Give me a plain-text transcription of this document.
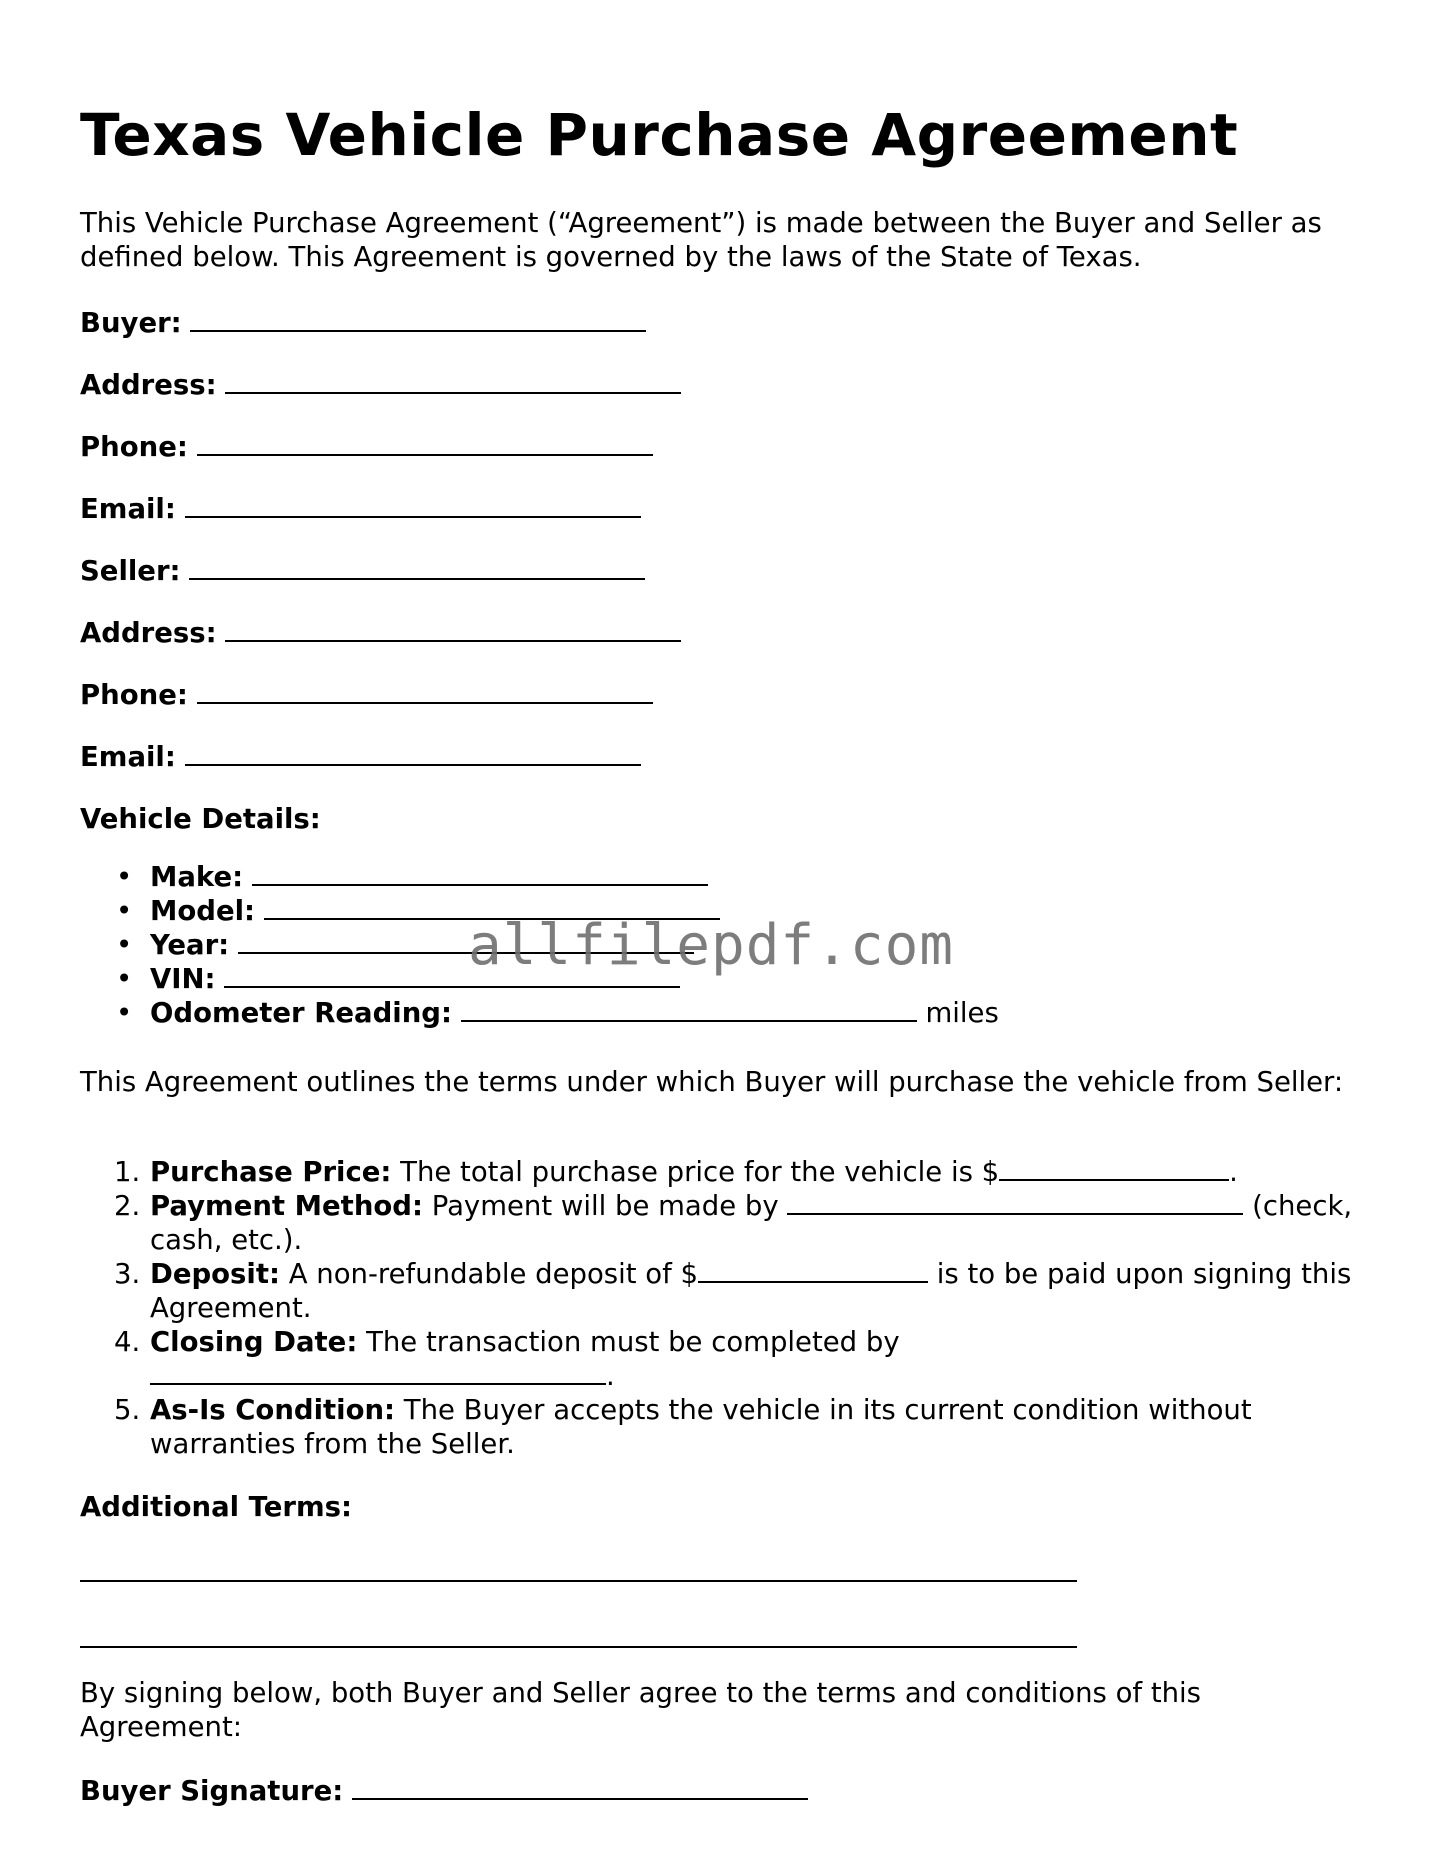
Texas Vehicle Purchase Agreement

This Vehicle Purchase Agreement (“Agreement”) is made between the Buyer and Seller as defined below. This Agreement is governed by the laws of the State of Texas.

Buyer:

Address:

Phone:

Email:

Seller:

Address:

Phone:

Email:

Vehicle Details:

• Make:
• Model:
• Year:
• VIN:
• Odometer Reading:	miles

This Agreement outlines the terms under which Buyer will purchase the vehicle from Seller:

1. Purchase Price: The total purchase price for the vehicle is $	.
2. Payment Method: Payment will be made by	(check, cash, etc.).
3. Deposit: A non-refundable deposit of $	is to be paid upon signing this Agreement.
4. Closing Date: The transaction must be completed by
.
5. As-Is Condition: The Buyer accepts the vehicle in its current condition without warranties from the Seller.

Additional Terms:

By signing below, both Buyer and Seller agree to the terms and conditions of this Agreement:

Buyer Signature:

allfilepdf.com
